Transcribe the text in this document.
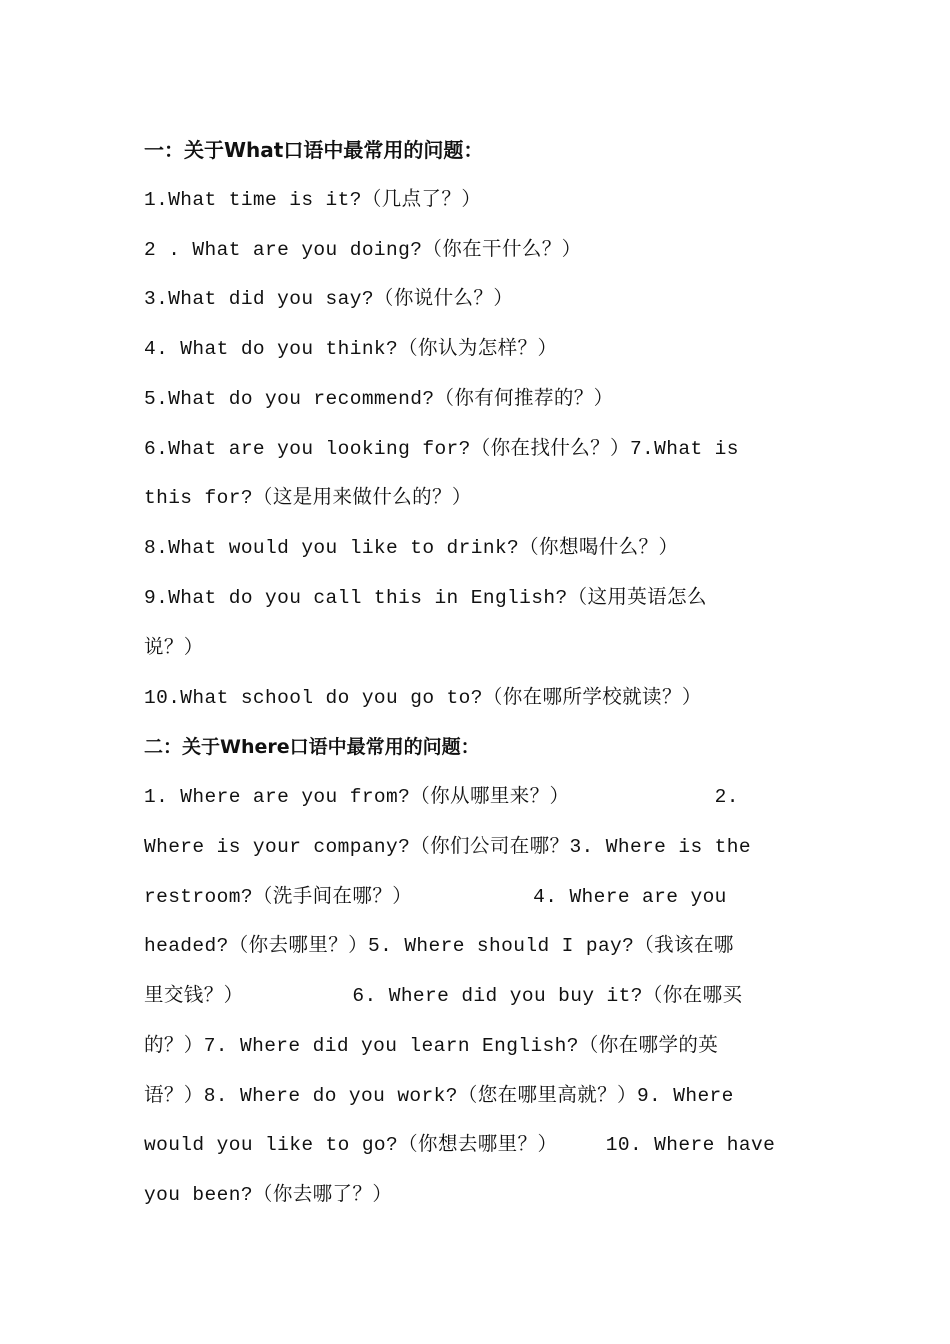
一：关于What口语中最常用的问题：
1.What time is it?（几点了？）
2 . What are you doing?（你在干什么？）
3.What did you say?（你说什么？）
4. What do you think?（你认为怎样？）
5.What do you recommend?（你有何推荐的？）
6.What are you looking for?（你在找什么？）7.What is
this for?（这是用来做什么的？）
8.What would you like to drink?（你想喝什么？）
9.What do you call this in English?（这用英语怎么
说？）
10.What school do you go to?（你在哪所学校就读？）
二：关于Where口语中最常用的问题：
1. Where are you from?（你从哪里来？）            2.
Where is your company?（你们公司在哪？3. Where is the
restroom?（洗手间在哪？）          4. Where are you
headed?（你去哪里？）5. Where should I pay?（我该在哪
里交钱？）         6. Where did you buy it?（你在哪买
的？）7. Where did you learn English?（你在哪学的英
语？）8. Where do you work?（您在哪里高就？）9. Where
would you like to go?（你想去哪里？）    10. Where have
you been?（你去哪了？）
